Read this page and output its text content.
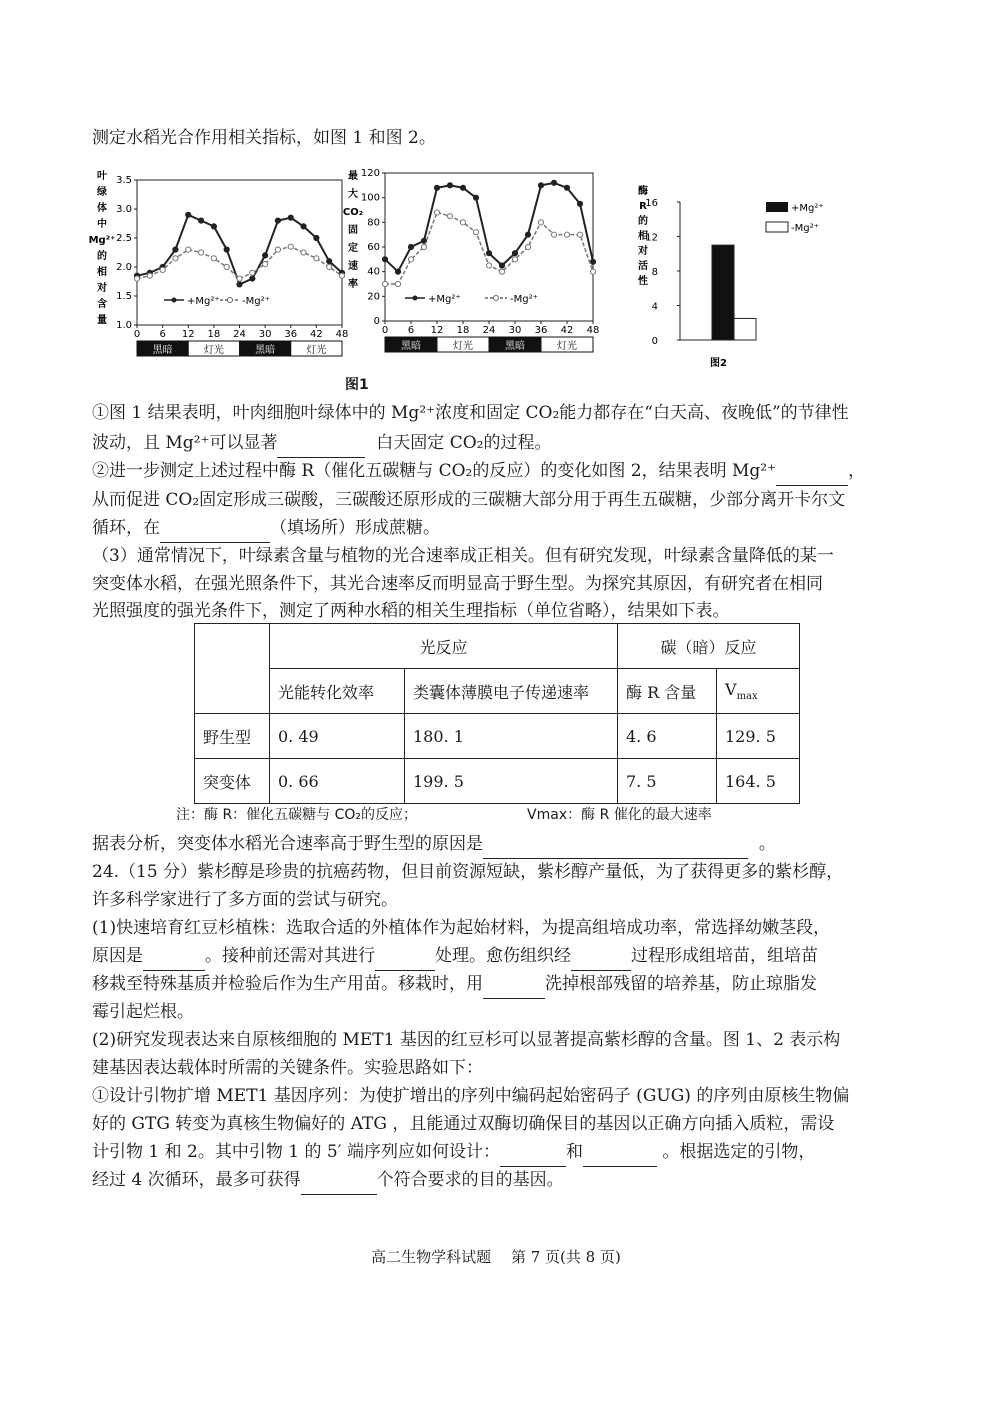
测定水稻光合作用相关指标，如图 1 和图 2。
叶
绿
体
中
Mg²⁺
的
相
对
含
量
3.5
3.0
2.5
2.0
1.5
1.0
0 6 12 18 24 30 36 42 48
+Mg²⁺ -Mg²⁺
黑暗	灯光	黑暗	灯光
最
大
CO₂
固
定
速
率
120
100
80
60
40
20
0
0 6 12 18 24 30 36 42 48
+Mg²⁺	-Mg²⁺
黑暗	灯光	黑暗	灯光
图1
酶
R
的
相
对
活
性
0
4
8
12
16	+Mg²⁺
-Mg²⁺
图2
①图 1 结果表明，叶肉细胞叶绿体中的 Mg²⁺浓度和固定 CO₂能力都存在“白天高、夜晚低”的节律性
波动，且 Mg²⁺可以显著	白天固定 CO₂的过程。
②进一步测定上述过程中酶 R（催化五碳糖与 CO₂的反应）的变化如图 2，结果表明 Mg²⁺	，
从而促进 CO₂固定形成三碳酸，三碳酸还原形成的三碳糖大部分用于再生五碳糖，少部分离开卡尔文
循环，在	（填场所）形成蔗糖。
（3）通常情况下，叶绿素含量与植物的光合速率成正相关。但有研究发现，叶绿素含量降低的某一
突变体水稻，在强光照条件下，其光合速率反而明显高于野生型。为探究其原因，有研究者在相同
光照强度的强光条件下，测定了两种水稻的相关生理指标（单位省略），结果如下表。
	光反应		碳（暗）反应	
	光能转化效率	类囊体薄膜电子传递速率	酶 R 含量	$V_{max}$
野生型	0. 49	180. 1	4. 6	129. 5
突变体	0. 66	199. 5	7. 5	164. 5
注：酶 R：催化五碳糖与 CO₂的反应；	Vmax：酶 R 催化的最大速率
据表分析，突变体水稻光合速率高于野生型的原因是	。
24.（15 分）紫杉醇是珍贵的抗癌药物，但目前资源短缺，紫杉醇产量低，为了获得更多的紫杉醇，
许多科学家进行了多方面的尝试与研究。
(1)快速培育红豆杉植株：选取合适的外植体作为起始材料，为提高组培成功率，常选择幼嫩茎段，
原因是	。接种前还需对其进行	处理。愈伤组织经	过程形成组培苗，组培苗
移栽至特殊基质并检验后作为生产用苗。移栽时，用	洗掉根部残留的培养基，防止琼脂发
霉引起烂根。
(2)研究发现表达来自原核细胞的 MET1 基因的红豆杉可以显著提高紫杉醇的含量。图 1、2 表示构
建基因表达载体时所需的关键条件。实验思路如下：
①设计引物扩增 MET1 基因序列：为使扩增出的序列中编码起始密码子 (GUG) 的序列由原核生物偏
好的 GTG 转变为真核生物偏好的 ATG ，且能通过双酶切确保目的基因以正确方向插入质粒，需设
计引物 1 和 2。其中引物 1 的 5′ 端序列应如何设计：	和	。根据选定的引物，
经过 4 次循环，最多可获得	个符合要求的目的基因。
高二生物学科试题　 第 7 页(共 8 页)
